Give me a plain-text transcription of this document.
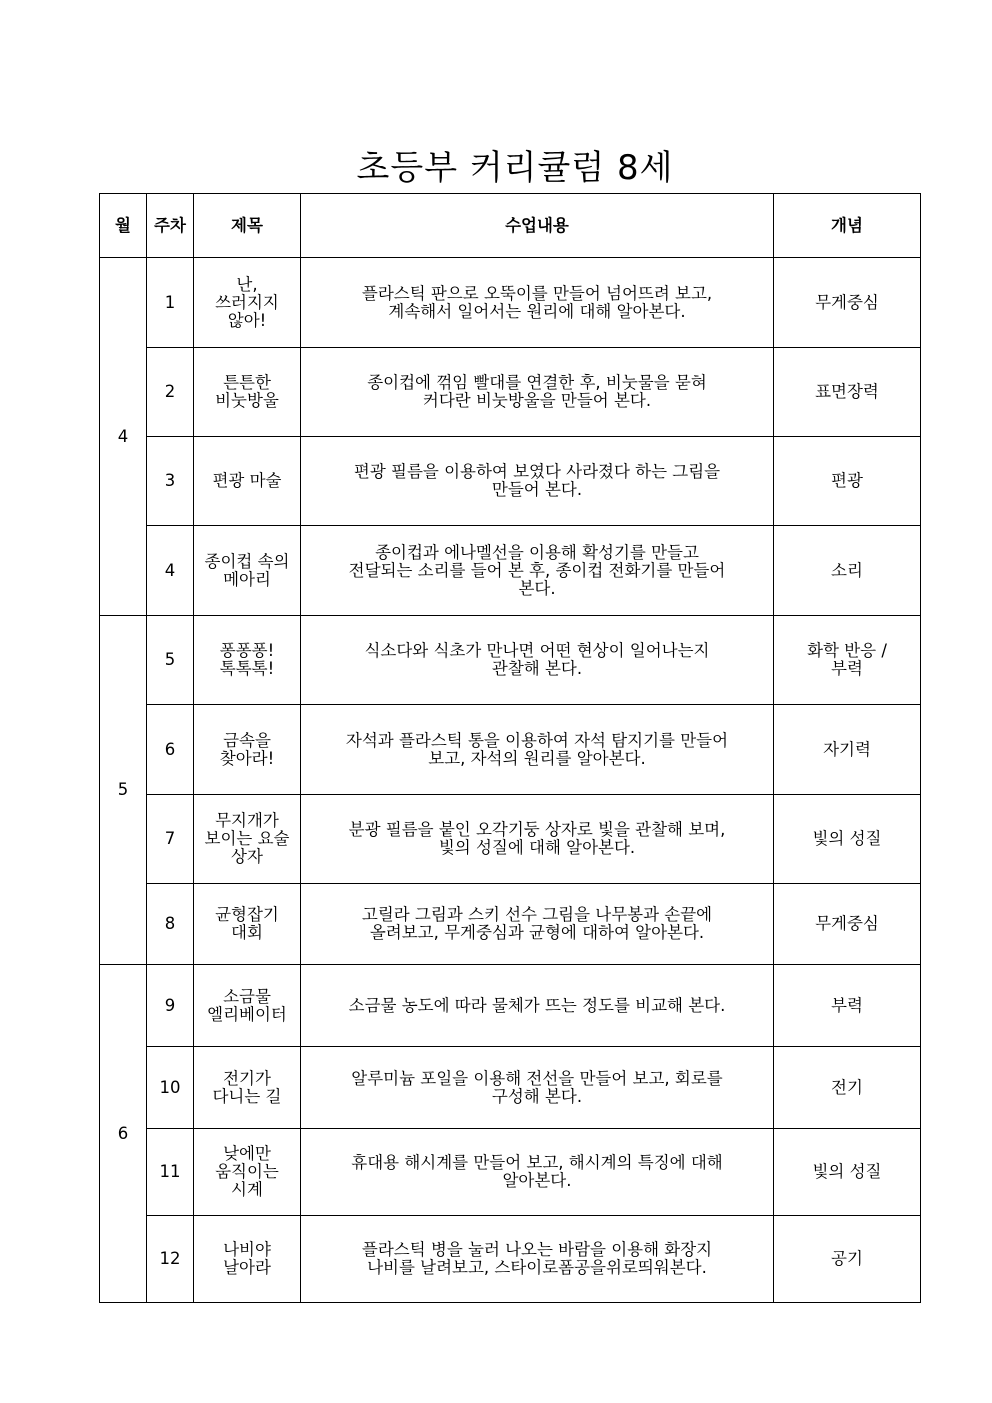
초등부 커리큘럼 8세
월	주차	제목	수업내용	개념
4	1	난,
쓰러지지
않아!	플라스틱 판으로 오뚝이를 만들어 넘어뜨려 보고,
계속해서 일어서는 원리에 대해 알아본다.	무게중심
	2	튼튼한
비눗방울	종이컵에 꺾임 빨대를 연결한 후, 비눗물을 묻혀
커다란 비눗방울을 만들어 본다.	표면장력
	3	편광 마술	편광 필름을 이용하여 보였다 사라졌다 하는 그림을
만들어 본다.	편광
	4	종이컵 속의
메아리	종이컵과 에나멜선을 이용해 확성기를 만들고
전달되는 소리를 들어 본 후, 종이컵 전화기를 만들어
본다.	소리
5	5	퐁퐁퐁!
톡톡톡!	식소다와 식초가 만나면 어떤 현상이 일어나는지
관찰해 본다.	화학 반응 /
부력
	6	금속을
찾아라!	자석과 플라스틱 통을 이용하여 자석 탐지기를 만들어
보고, 자석의 원리를 알아본다.	자기력
	7	무지개가
보이는 요술
상자	분광 필름을 붙인 오각기둥 상자로 빛을 관찰해 보며,
빛의 성질에 대해 알아본다.	빛의 성질
	8	균형잡기
대회	고릴라 그림과 스키 선수 그림을 나무봉과 손끝에
올려보고, 무게중심과 균형에 대하여 알아본다.	무게중심
6	9	소금물
엘리베이터	소금물 농도에 따라 물체가 뜨는 정도를 비교해 본다.	부력
	10	전기가
다니는 길	알루미늄 포일을 이용해 전선을 만들어 보고, 회로를
구성해 본다.	전기
	11	낮에만
움직이는
시계	휴대용 해시계를 만들어 보고, 해시계의 특징에 대해
알아본다.	빛의 성질
	12	나비야
날아라	플라스틱 병을 눌러 나오는 바람을 이용해 화장지
나비를 날려보고, 스타이로폼공을위로띄워본다.	공기
